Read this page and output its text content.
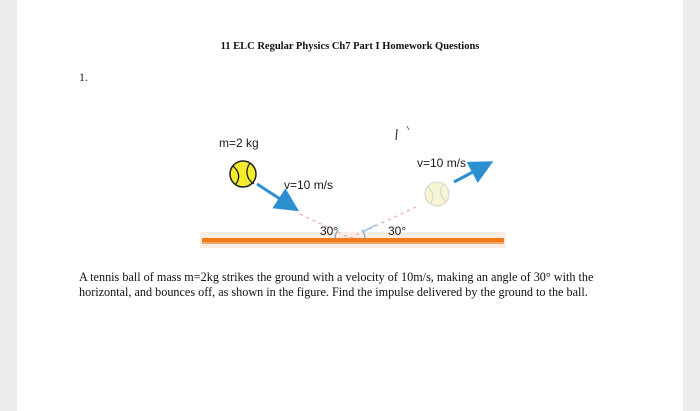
11 ELC Regular Physics Ch7 Part I Homework Questions
1.
m=2 kg
v=10 m/s
v=10 m/s
30°	30°
A tennis ball of mass m=2kg strikes the ground with a velocity of 10m/s, making an angle of 30° with the horizontal, and bounces off, as shown in the figure. Find the impulse delivered by the ground to the ball.
